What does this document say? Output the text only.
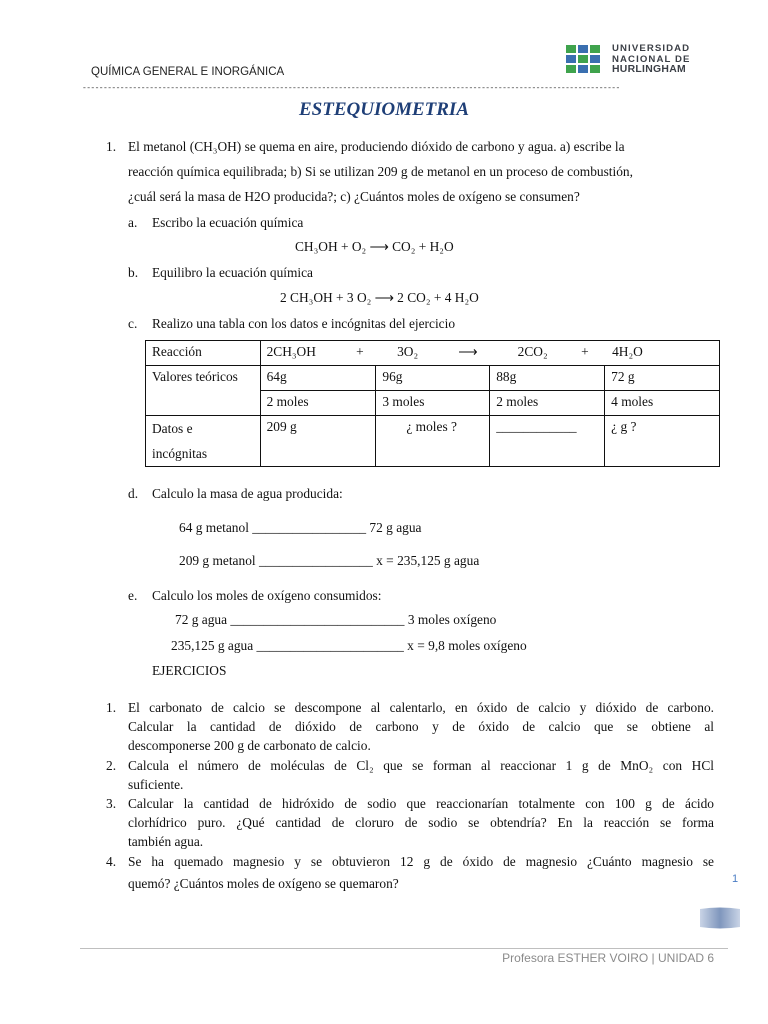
QUÍMICA GENERAL E INORGÁNICA
--------------------------------------------------------------------------------------------------------------------------------
UNIVERSIDAD
NACIONAL DE
HURLINGHAM
ESTEQUIOMETRIA
1. El metanol (CH₃OH) se quema en aire, produciendo dióxido de carbono y agua. a) escribe la
reacción química equilibrada; b) Si se utilizan 209 g de metanol en un proceso de combustión,
¿cuál será la masa de H2O producida?; c) ¿Cuántos moles de oxígeno se consumen?
a. Escribo la ecuación química
CH₃OH + O₂ ⟶ CO₂ + H₂O
b. Equilibro la ecuación química
2 CH₃OH + 3 O₂ ⟶ 2 CO₂ + 4 H₂O
c. Realizo una tabla con los datos e incógnitas del ejercicio
Reacción	2CH₃OH            +          3O₂            ⟶            2CO₂          +       4H₂O			
Valores teóricos	64g	96g	88g	72 g
	2 moles	3 moles	2 moles	4 moles

Datos e
incógnitas	209 g	¿ moles ?	____________	¿ g ?
d. Calculo la masa de agua producida:
64 g metanol _________________ 72 g agua
209 g metanol _________________ x = 235,125 g agua
e. Calculo los moles de oxígeno consumidos:
72 g agua __________________________ 3 moles oxígeno
235,125 g agua ______________________ x = 9,8 moles oxígeno
EJERCICIOS
1. El carbonato de calcio se descompone al calentarlo, en óxido de calcio y dióxido de carbono.
Calcular la cantidad de dióxido de carbono y de óxido de calcio que se obtiene al
descomponerse 200 g de carbonato de calcio.
2. Calcula el número de moléculas de Cl₂ que se forman al reaccionar 1 g de MnO₂ con HCl
suficiente.
3. Calcular la cantidad de hidróxido de sodio que reaccionarían totalmente con 100 g de ácido
clorhídrico puro. ¿Qué cantidad de cloruro de sodio se obtendría? En la reacción se forma
también agua.
4. Se ha quemado magnesio y se obtuvieron 12 g de óxido de magnesio ¿Cuánto magnesio se
quemó? ¿Cuántos moles de oxígeno se quemaron?	1
Profesora ESTHER VOIRO | UNIDAD 6
